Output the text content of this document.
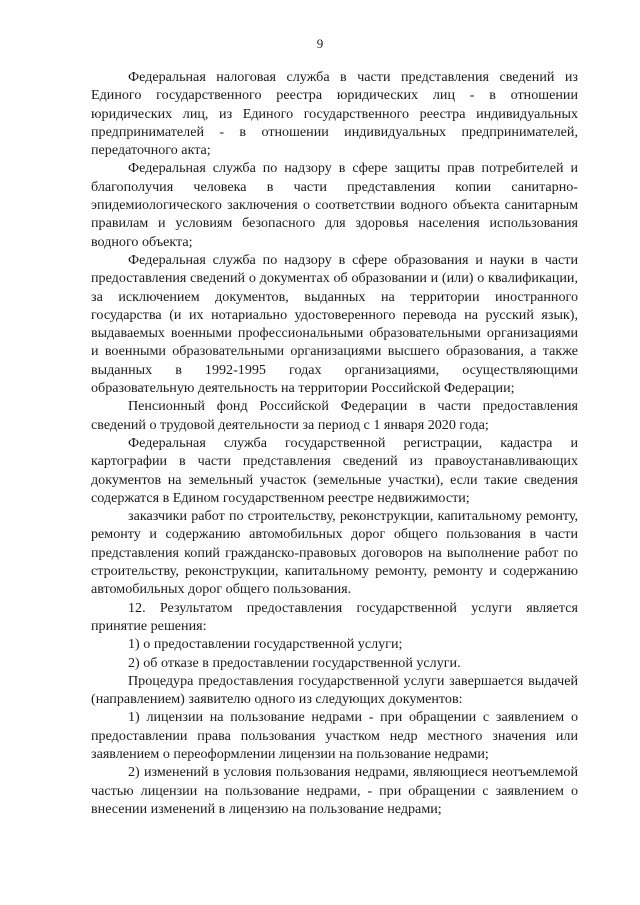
9

Федеральная налоговая служба в части представления сведений из Единого государственного реестра юридических лиц - в отношении юридических лиц, из Единого государственного реестра индивидуальных предпринимателей - в отношении индивидуальных предпринимателей, передаточного акта;

Федеральная служба по надзору в сфере защиты прав потребителей и благополучия человека в части представления копии санитарно-эпидемиологического заключения о соответствии водного объекта санитарным правилам и условиям безопасного для здоровья населения использования водного объекта;

Федеральная служба по надзору в сфере образования и науки в части предоставления сведений о документах об образовании и (или) о квалификации, за исключением документов, выданных на территории иностранного государства (и их нотариально удостоверенного перевода на русский язык), выдаваемых военными профессиональными образовательными организациями и военными образовательными организациями высшего образования, а также выданных в 1992-1995 годах организациями, осуществляющими образовательную деятельность на территории Российской Федерации;

Пенсионный фонд Российской Федерации в части предоставления сведений о трудовой деятельности за период с 1 января 2020 года;

Федеральная служба государственной регистрации, кадастра и картографии в части представления сведений из правоустанавливающих документов на земельный участок (земельные участки), если такие сведения содержатся в Едином государственном реестре недвижимости;

заказчики работ по строительству, реконструкции, капитальному ремонту, ремонту и содержанию автомобильных дорог общего пользования в части представления копий гражданско-правовых договоров на выполнение работ по строительству, реконструкции, капитальному ремонту, ремонту и содержанию автомобильных дорог общего пользования.

12. Результатом предоставления государственной услуги является принятие решения:

1) о предоставлении государственной услуги;

2) об отказе в предоставлении государственной услуги.

Процедура предоставления государственной услуги завершается выдачей (направлением) заявителю одного из следующих документов:

1) лицензии на пользование недрами - при обращении с заявлением о предоставлении права пользования участком недр местного значения или заявлением о переоформлении лицензии на пользование недрами;

2) изменений в условия пользования недрами, являющиеся неотъемлемой частью лицензии на пользование недрами, - при обращении с заявлением о внесении изменений в лицензию на пользование недрами;
